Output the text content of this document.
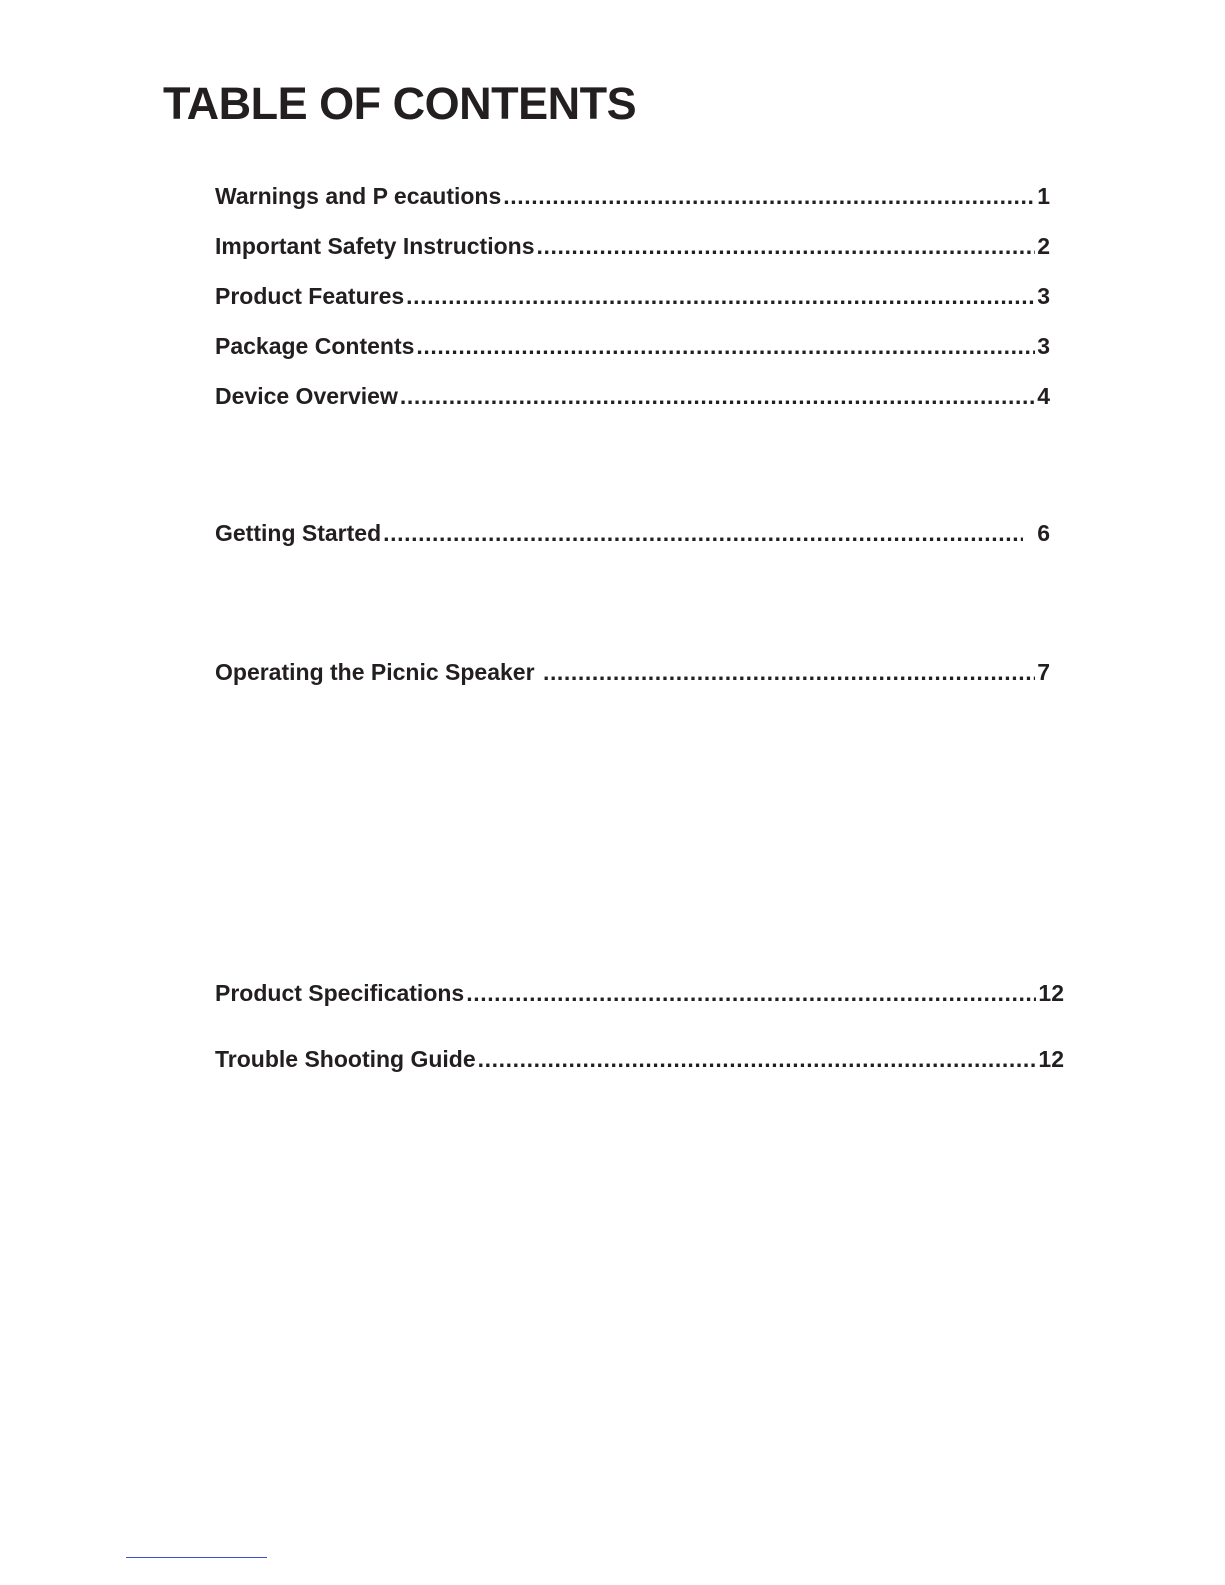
TABLE OF CONTENTS
Warnings and P ecautions .....	1
Important Safety Instructions .....	2
Product Features .....	3
Package Contents .....	3
Device Overview .....	4
Getting Started .....	6
Operating the Picnic Speaker .....	7
Product Specifications .....	12
Trouble Shooting Guide .....	12
